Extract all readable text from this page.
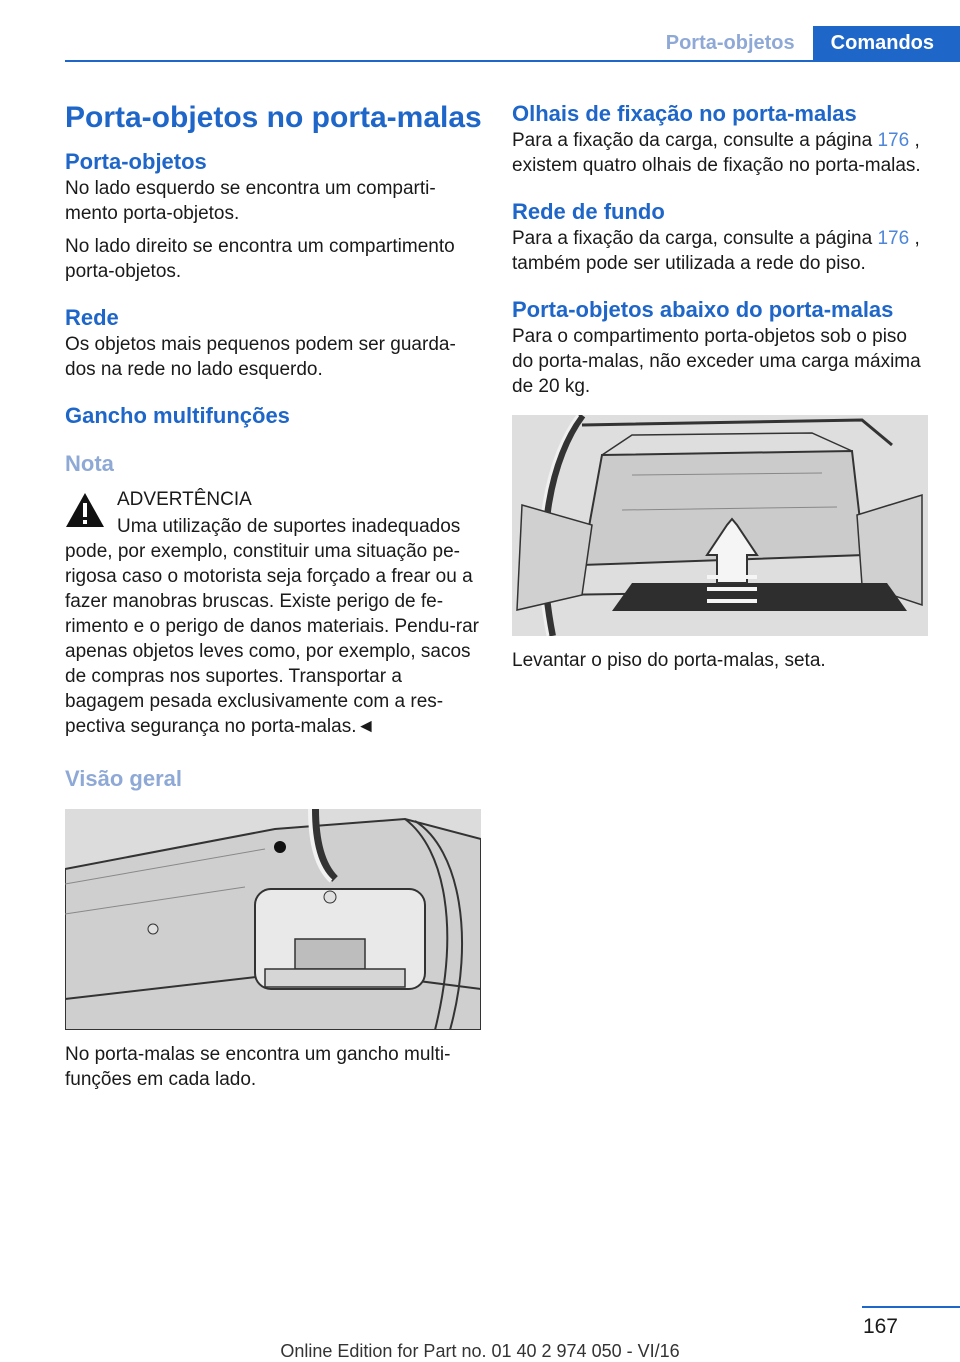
Porta-objetos	Comandos
Porta-objetos no porta-malas
Porta-objetos

No lado esquerdo se encontra um comparti-mento porta-objetos.

No lado direito se encontra um compartimento porta-objetos.

Rede

Os objetos mais pequenos podem ser guarda-dos na rede no lado esquerdo.

Gancho multifunções
Nota
ADVERTÊNCIA

Uma utilização de suportes inadequados pode, por exemplo, constituir uma situação pe-rigosa caso o motorista seja forçado a frear ou a fazer manobras bruscas. Existe perigo de fe-rimento e o perigo de danos materiais. Pendu-rar apenas objetos leves como, por exemplo, sacos de compras nos suportes. Transportar a bagagem pesada exclusivamente com a res-pectiva segurança no porta-malas.◄

Visão geral

No porta-malas se encontra um gancho multi-funções em cada lado.

Olhais de fixação no porta-malas

Para a fixação da carga, consulte a página 176 , existem quatro olhais de fixação no porta-malas.

Rede de fundo

Para a fixação da carga, consulte a página 176 , também pode ser utilizada a rede do piso.

Porta-objetos abaixo do porta-malas

Para o compartimento porta-objetos sob o piso do porta-malas, não exceder uma carga máxima de 20 kg.

Levantar o piso do porta-malas, seta.

167
Online Edition for Part no. 01 40 2 974 050 - VI/16
